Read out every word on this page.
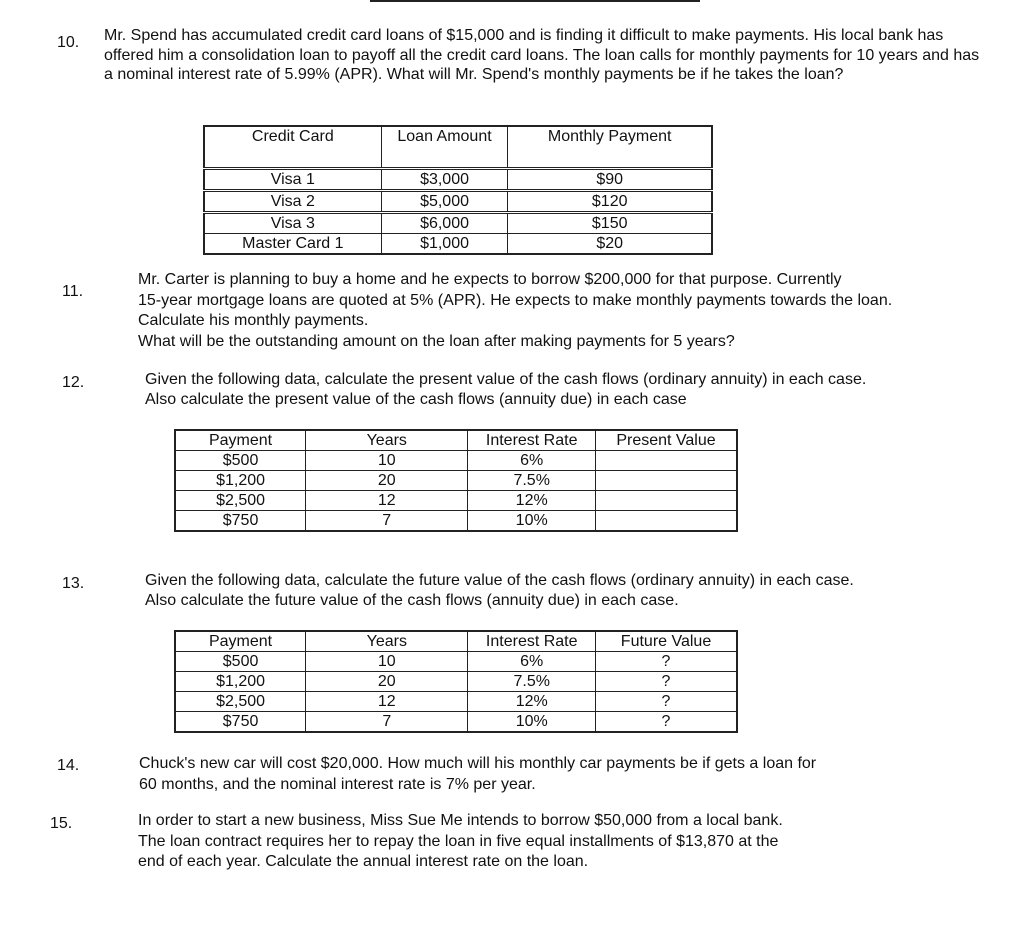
10. Mr. Spend has accumulated credit card loans of $15,000 and is finding it difficult to make payments. His local bank has offered him a consolidation loan to payoff all the credit card loans. The loan calls for monthly payments for 10 years and has a nominal interest rate of 5.99% (APR). What will Mr. Spend's monthly payments be if he takes the loan?
Credit Card	Loan Amount	Monthly Payment
Visa 1	$3,000	$90
Visa 2	$5,000	$120
Visa 3	$6,000	$150
Master Card 1	$1,000	$20
11.

Mr. Carter is planning to buy a home and he expects to borrow $200,000 for that purpose. Currently

15-year mortgage loans are quoted at 5% (APR). He expects to make monthly payments towards the loan.

Calculate his monthly payments.

What will be the outstanding amount on the loan after making payments for 5 years?

12.	Given the following data, calculate the present value of the cash flows (ordinary annuity) in each case.

Also calculate the present value of the cash flows (annuity due) in each case

Payment	Years	Interest Rate	Present Value
$500	10	6%	
$1,200	20	7.5%	
$2,500	12	12%	
$750	7	10%	
13.	Given the following data, calculate the future value of the cash flows (ordinary annuity) in each case.

Also calculate the future value of the cash flows (annuity due) in each case.

Payment	Years	Interest Rate	Future Value
$500	10	6%	?
$1,200	20	7.5%	?
$2,500	12	12%	?
$750	7	10%	?
14.	Chuck's new car will cost $20,000. How much will his monthly car payments be if gets a loan for

60 months, and the nominal interest rate is 7% per year.

15.	In order to start a new business, Miss Sue Me intends to borrow $50,000 from a local bank.

The loan contract requires her to repay the loan in five equal installments of $13,870 at the

end of each year. Calculate the annual interest rate on the loan.
